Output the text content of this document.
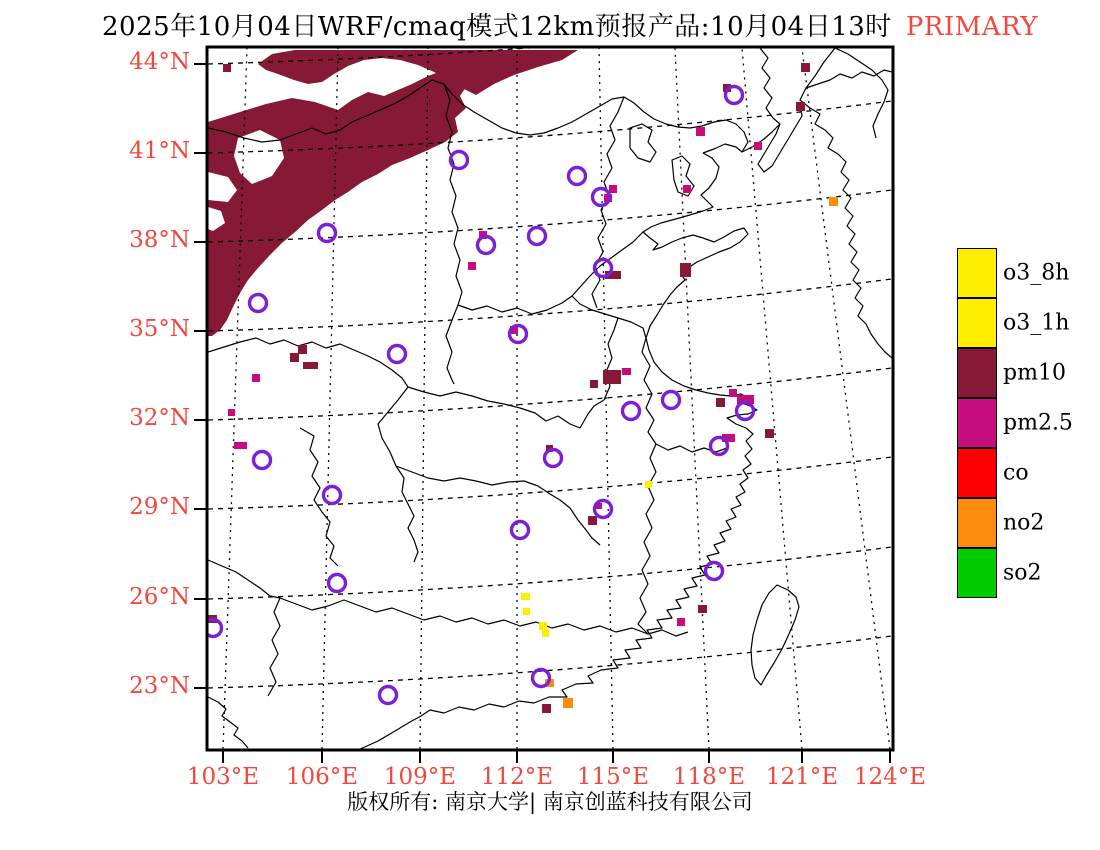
2025年10月04日WRF/cmaq模式12km预报产品:10月04日13时 PRIMARY
44°N
41°N
38°N
35°N
32°N
29°N
26°N
23°N
103°E	106°E	109°E	112°E	115°E	118°E 121°E 124°E
o3_8h
o3_1h
pm10
pm2.5
co
no2
so2
版权所有: 南京大学| 南京创蓝科技有限公司
